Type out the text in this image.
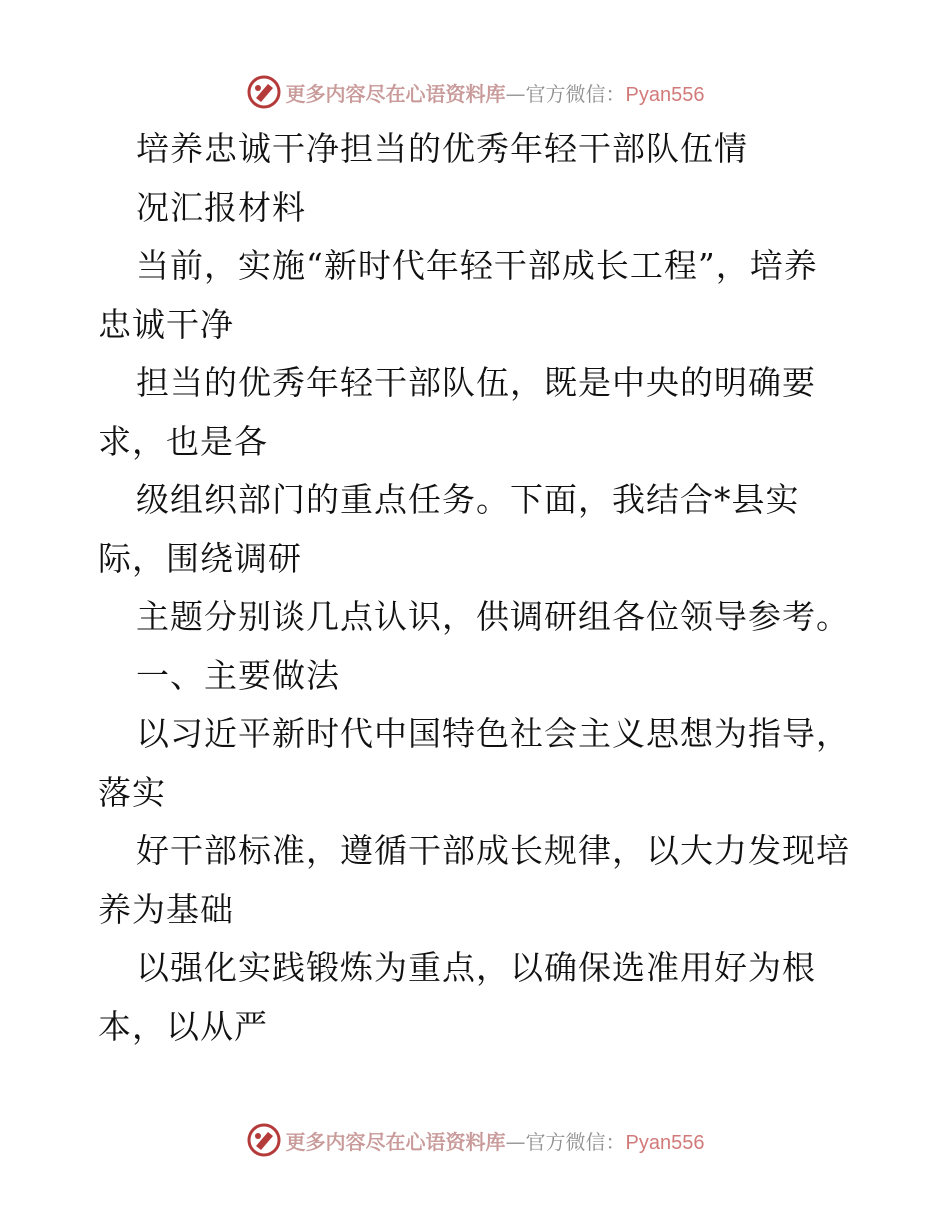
更多内容尽在心语资料库—官方微信：Pyan556
培养忠诚干净担当的优秀年轻干部队伍情
况汇报材料
当前，实施“新时代年轻干部成长工程”，培养
忠诚干净
担当的优秀年轻干部队伍，既是中央的明确要
求，也是各
级组织部门的重点任务。下面，我结合*县实
际，围绕调研
主题分别谈几点认识，供调研组各位领导参考。
一、主要做法
以习近平新时代中国特色社会主义思想为指导，
落实
好干部标准，遵循干部成长规律，以大力发现培
养为基础
以强化实践锻炼为重点，以确保选准用好为根
本，以从严
更多内容尽在心语资料库—官方微信：Pyan556
